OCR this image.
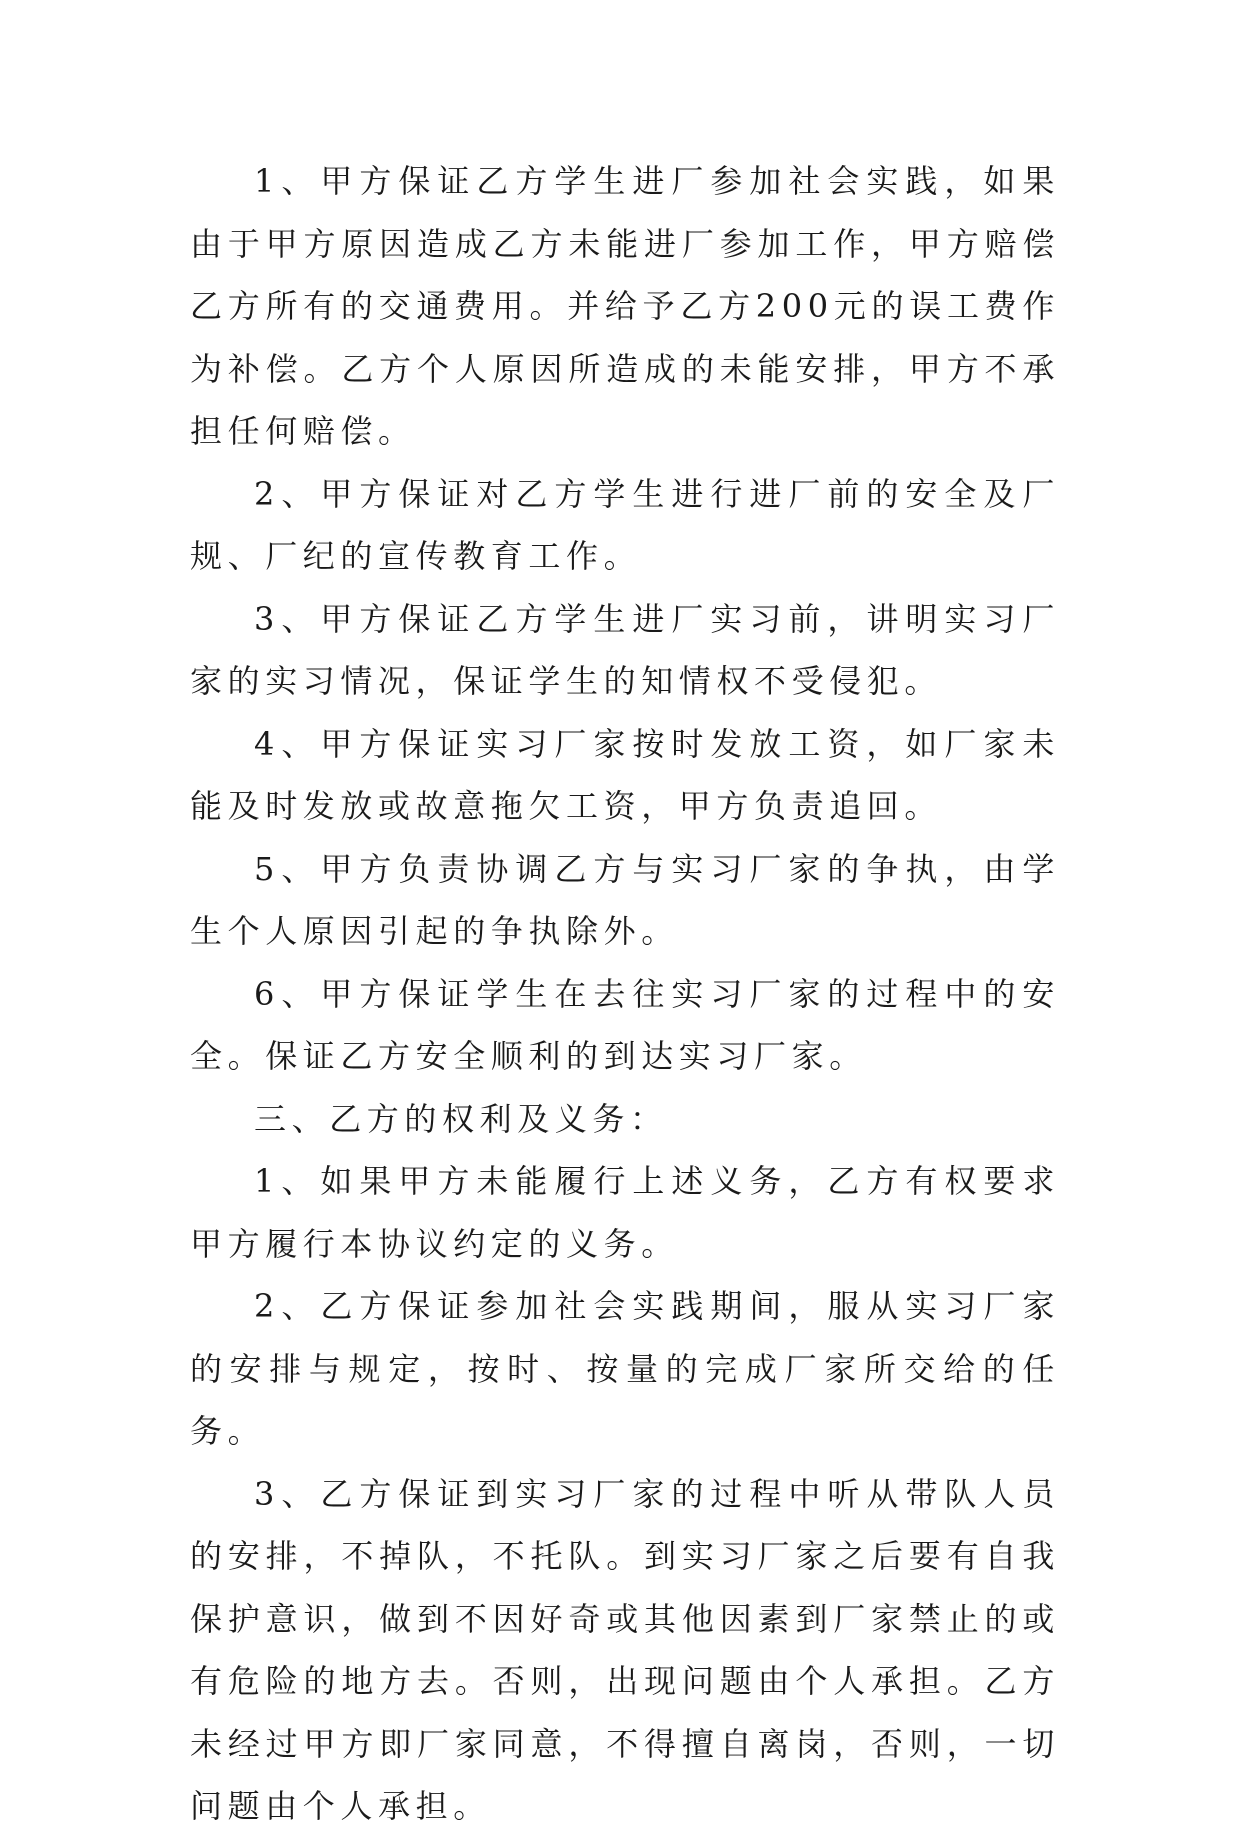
1、甲方保证乙方学生进厂参加社会实践，如果由于甲方原因造成乙方未能进厂参加工作，甲方赔偿乙方所有的交通费用。并给予乙方200元的误工费作为补偿。乙方个人原因所造成的未能安排，甲方不承担任何赔偿。

2、甲方保证对乙方学生进行进厂前的安全及厂规、厂纪的宣传教育工作。

3、甲方保证乙方学生进厂实习前，讲明实习厂家的实习情况，保证学生的知情权不受侵犯。

4、甲方保证实习厂家按时发放工资，如厂家未能及时发放或故意拖欠工资，甲方负责追回。

5、甲方负责协调乙方与实习厂家的争执，由学生个人原因引起的争执除外。

6、甲方保证学生在去往实习厂家的过程中的安全。保证乙方安全顺利的到达实习厂家。

三、乙方的权利及义务：

1、如果甲方未能履行上述义务，乙方有权要求甲方履行本协议约定的义务。

2、乙方保证参加社会实践期间，服从实习厂家的安排与规定，按时、按量的完成厂家所交给的任务。

3、乙方保证到实习厂家的过程中听从带队人员的安排，不掉队，不托队。到实习厂家之后要有自我保护意识，做到不因好奇或其他因素到厂家禁止的或有危险的地方去。否则，出现问题由个人承担。乙方未经过甲方即厂家同意，不得擅自离岗，否则，一切问题由个人承担。
